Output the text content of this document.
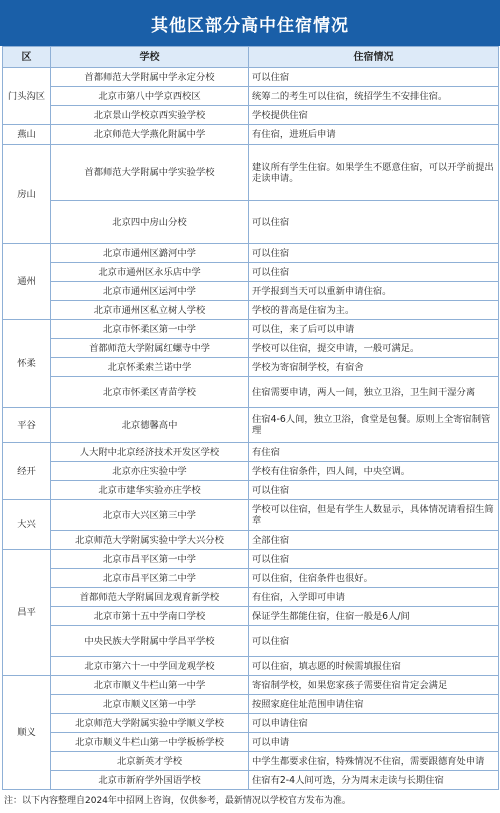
其他区部分高中住宿情况
区	学校	住宿情况
门头沟区	首都师范大学附属中学永定分校	可以住宿
	北京市第八中学京西校区	统筹二的考生可以住宿，统招学生不安排住宿。
	北京景山学校京西实验学校	学校提供住宿
燕山	北京师范大学燕化附属中学	有住宿，进班后申请
房山	首都师范大学附属中学实验学校	建议所有学生住宿。如果学生不愿意住宿，可以开学前提出走读申请。
	北京四中房山分校	可以住宿
通州	北京市通州区潞河中学	可以住宿
	北京市通州区永乐店中学	可以住宿
	北京市通州区运河中学	开学报到当天可以重新申请住宿。
	北京市通州区私立树人学校	学校的普高是住宿为主。
怀柔	北京市怀柔区第一中学	可以住，来了后可以申请
	首都师范大学附属红螺寺中学	学校可以住宿，提交申请，一般可满足。
	北京怀柔索兰诺中学	学校为寄宿制学校，有宿舍
	北京市怀柔区青苗学校	住宿需要申请，两人一间，独立卫浴，卫生间干湿分离
平谷	北京德馨高中	住宿4-6人间，独立卫浴，食堂是包餐。原则上全寄宿制管理
经开	人大附中北京经济技术开发区学校	有住宿
	北京亦庄实验中学	学校有住宿条件，四人间，中央空调。
	北京市建华实验亦庄学校	可以住宿
大兴	北京市大兴区第三中学	学校可以住宿，但是有学生人数显示，具体情况请看招生简章
	北京师范大学附属实验中学大兴分校	全部住宿
昌平	北京市昌平区第一中学	可以住宿
	北京市昌平区第二中学	可以住宿，住宿条件也很好。
	首都师范大学附属回龙观育新学校	有住宿，入学即可申请
	北京市第十五中学南口学校	保证学生都能住宿，住宿一般是6人/间
	中央民族大学附属中学昌平学校	可以住宿
	北京市第六十一中学回龙观学校	可以住宿，填志愿的时候需填报住宿
顺义	北京市顺义牛栏山第一中学	寄宿制学校，如果您家孩子需要住宿肯定会满足
	北京市顺义区第一中学	按照家庭住址范围申请住宿
	北京师范大学附属实验中学顺义学校	可以申请住宿
	北京市顺义牛栏山第一中学板桥学校	可以申请
	北京新英才学校	中学生都要求住宿，特殊情况不住宿，需要跟德育处申请
	北京市新府学外国语学校	住宿有2-4人间可选，分为周末走读与长期住宿
注：以下内容整理自2024年中招网上咨询，仅供参考，最新情况以学校官方发布为准。
